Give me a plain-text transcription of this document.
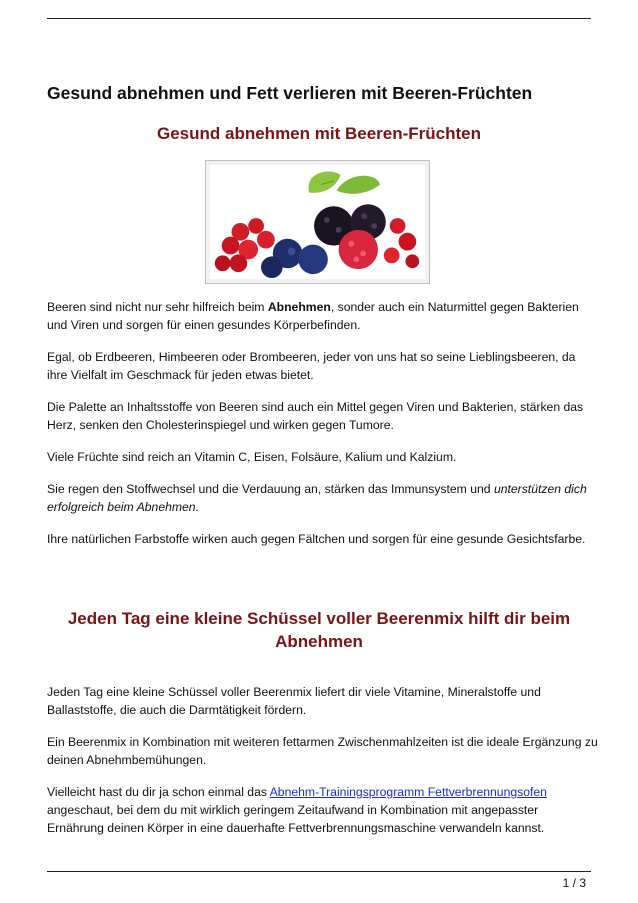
Gesund abnehmen und Fett verlieren mit Beeren-Früchten
Gesund abnehmen mit Beeren-Früchten

Beeren sind nicht nur sehr hilfreich beim Abnehmen, sonder auch ein Naturmittel gegen Bakterien und Viren und sorgen für einen gesundes Körperbefinden.

Egal, ob Erdbeeren, Himbeeren oder Brombeeren, jeder von uns hat so seine Lieblingsbeeren, da ihre Vielfalt im Geschmack für jeden etwas bietet.

Die Palette an Inhaltsstoffe von Beeren sind auch ein Mittel gegen Viren und Bakterien, stärken das Herz, senken den Cholesterinspiegel und wirken gegen Tumore.

Viele Früchte sind reich an Vitamin C, Eisen, Folsäure, Kalium und Kalzium.

Sie regen den Stoffwechsel und die Verdauung an, stärken das Immunsystem und unterstützen dich erfolgreich beim Abnehmen.

Ihre natürlichen Farbstoffe wirken auch gegen Fältchen und sorgen für eine gesunde Gesichtsfarbe.

Jeden Tag eine kleine Schüssel voller Beerenmix hilft dir beim Abnehmen

Jeden Tag eine kleine Schüssel voller Beerenmix liefert dir viele Vitamine, Mineralstoffe und Ballaststoffe, die auch die Darmtätigkeit fördern.

Ein Beerenmix in Kombination mit weiteren fettarmen Zwischenmahlzeiten ist die ideale Ergänzung zu deinen Abnehmbemühungen.

Vielleicht hast du dir ja schon einmal das Abnehm-Trainingsprogramm Fettverbrennungsofen angeschaut, bei dem du mit wirklich geringem Zeitaufwand in Kombination mit angepasster Ernährung deinen Körper in eine dauerhafte Fettverbrennungsmaschine verwandeln kannst.

1 / 3
